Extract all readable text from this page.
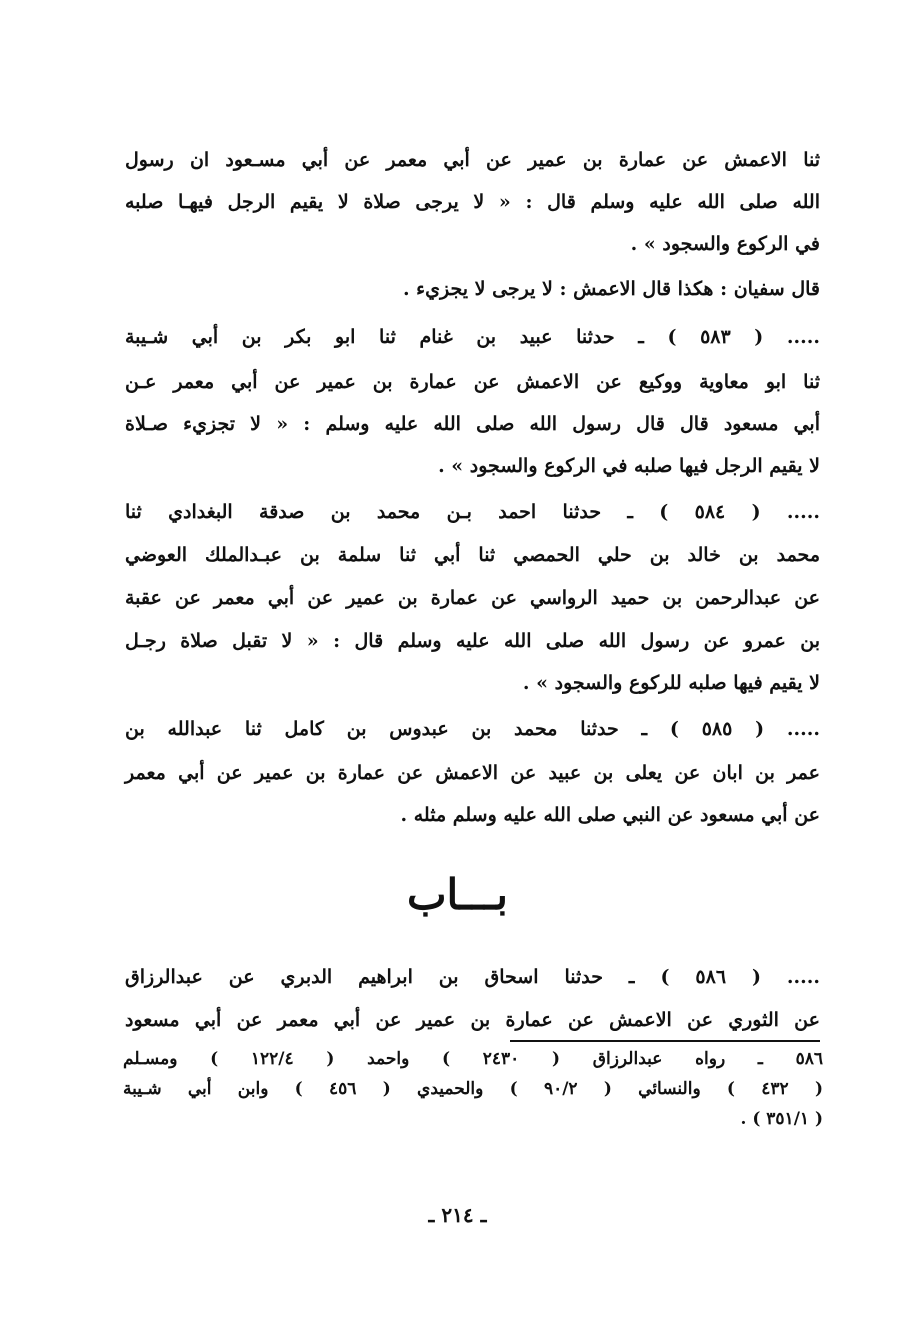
ثنا الاعمش عن عمارة بن عمير عن أبي معمر عن أبي مسـعود ان رسول
الله صلى الله عليه وسلم قال : « لا يرجى صلاة لا يقيم الرجل فيهـا صلبه
في الركوع والسجود » .
قال سفيان : هكذا قال الاعمش : لا يرجى لا يجزيء .
..... ( ٥٨٣ ) ـ حدثنا عبيد بن غنام ثنا ابو بكر بن أبي شـيبة
ثنا ابو معاوية ووكيع عن الاعمش عن عمارة بن عمير عن أبي معمر عـن
أبي مسعود قال قال رسول الله صلى الله عليه وسلم : « لا تجزيء صـلاة
لا يقيم الرجل فيها صلبه في الركوع والسجود » .
..... ( ٥٨٤ ) ـ حدثنا احمد بـن محمد بن صدقة البغدادي ثنا
محمد بن خالد بن حلي الحمصي ثنا أبي ثنا سلمة بن عبـدالملك العوضي
عن عبدالرحمن بن حميد الرواسي عن عمارة بن عمير عن أبي معمر عن عقبة
بن عمرو عن رسول الله صلى الله عليه وسلم قال : « لا تقبل صلاة رجـل
لا يقيم فيها صلبه للركوع والسجود » .
..... ( ٥٨٥ ) ـ حدثنا محمد بن عبدوس بن كامل ثنا عبدالله بن
عمر بن ابان عن يعلى بن عبيد عن الاعمش عن عمارة بن عمير عن أبي معمر
عن أبي مسعود عن النبي صلى الله عليه وسلم مثله .
بـــاب
..... ( ٥٨٦ ) ـ حدثنا اسحاق بن ابراهيم الدبري عن عبدالرزاق
عن الثوري عن الاعمش عن عمارة بن عمير عن أبي معمر عن أبي مسعود
٥٨٦ ـ رواه عبدالرزاق ( ٢٤٣٠ ) واحمد ( ١٢٢/٤ ) ومسـلم
( ٤٣٢ ) والنسائي ( ٩٠/٢ ) والحميدي ( ٤٥٦ ) وابن أبي شـيبة
( ٣٥١/١ ) .
ـ ٢١٤ ـ
